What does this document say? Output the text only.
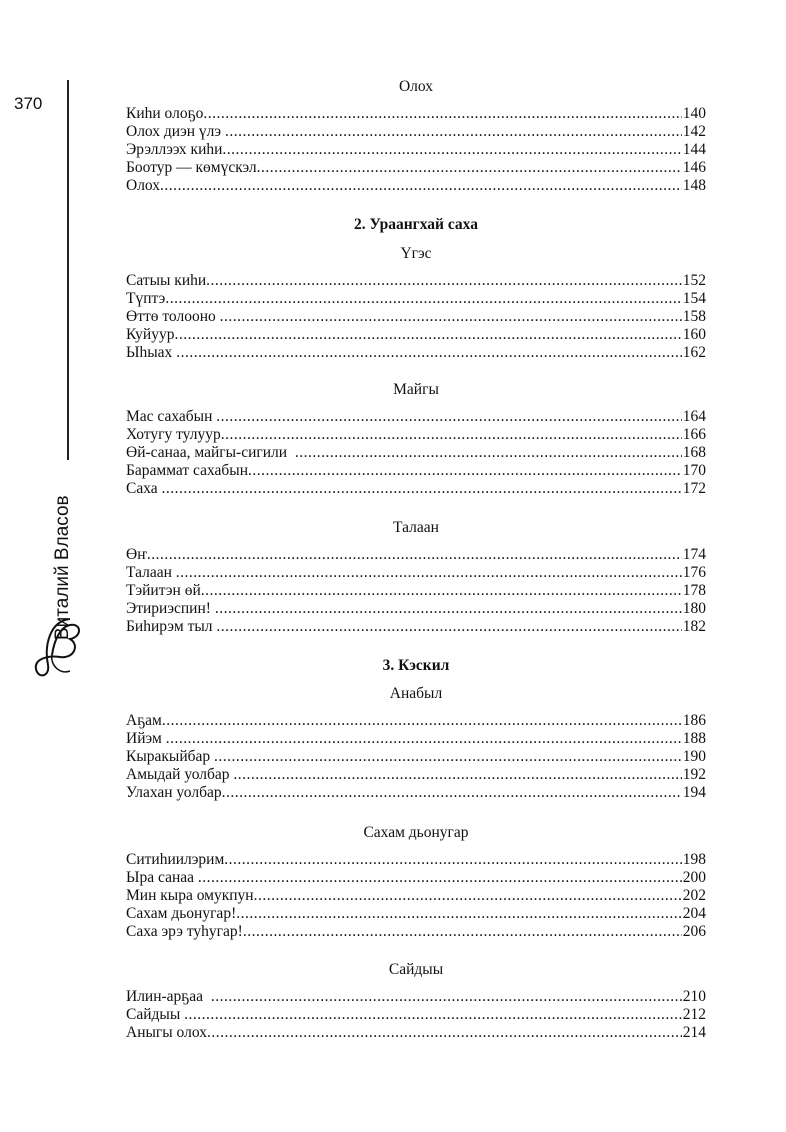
370
Виталий Власов
Олох
Киhи олоҕо .....	140
Олох диэн үлэ .....	142
Эрэллээх киhи .....	144
Боотур — көмүскэл .....	146
Олох .....	148
2. Ураангхай саха
Үгэс
Сатыы киhи .....	152
Түптэ .....	154
Өттө толооно .....	158
Куйуур .....	160
Ыhыах .....	162
Майгы
Мас сахабын .....	164
Хотугу тулуур .....	166
Өй-санаа, майгы-сигили .....	168
Бараммат сахабын .....	170
Саха .....	172
Талаан
Өҥ .....	174
Талаан .....	176
Тэйитэн өй .....	178
Этириэспин! .....	180
Биhирэм тыл .....	182
3. Кэскил
Анабыл
Аҕам .....	186
Ийэм .....	188
Кыракыйбар .....	190
Амыдай уолбар .....	192
Улахан уолбар .....	194
Сахам дьонугар
Ситиhиилэрим .....	198
Ыра санаа .....	200
Мин кыра омукпун .....	202
Сахам дьонугар! .....	204
Саха эрэ туhугар! .....	206
Сайдыы
Илин-арҕаа .....	210
Сайдыы .....	212
Аныгы олох .....	214
